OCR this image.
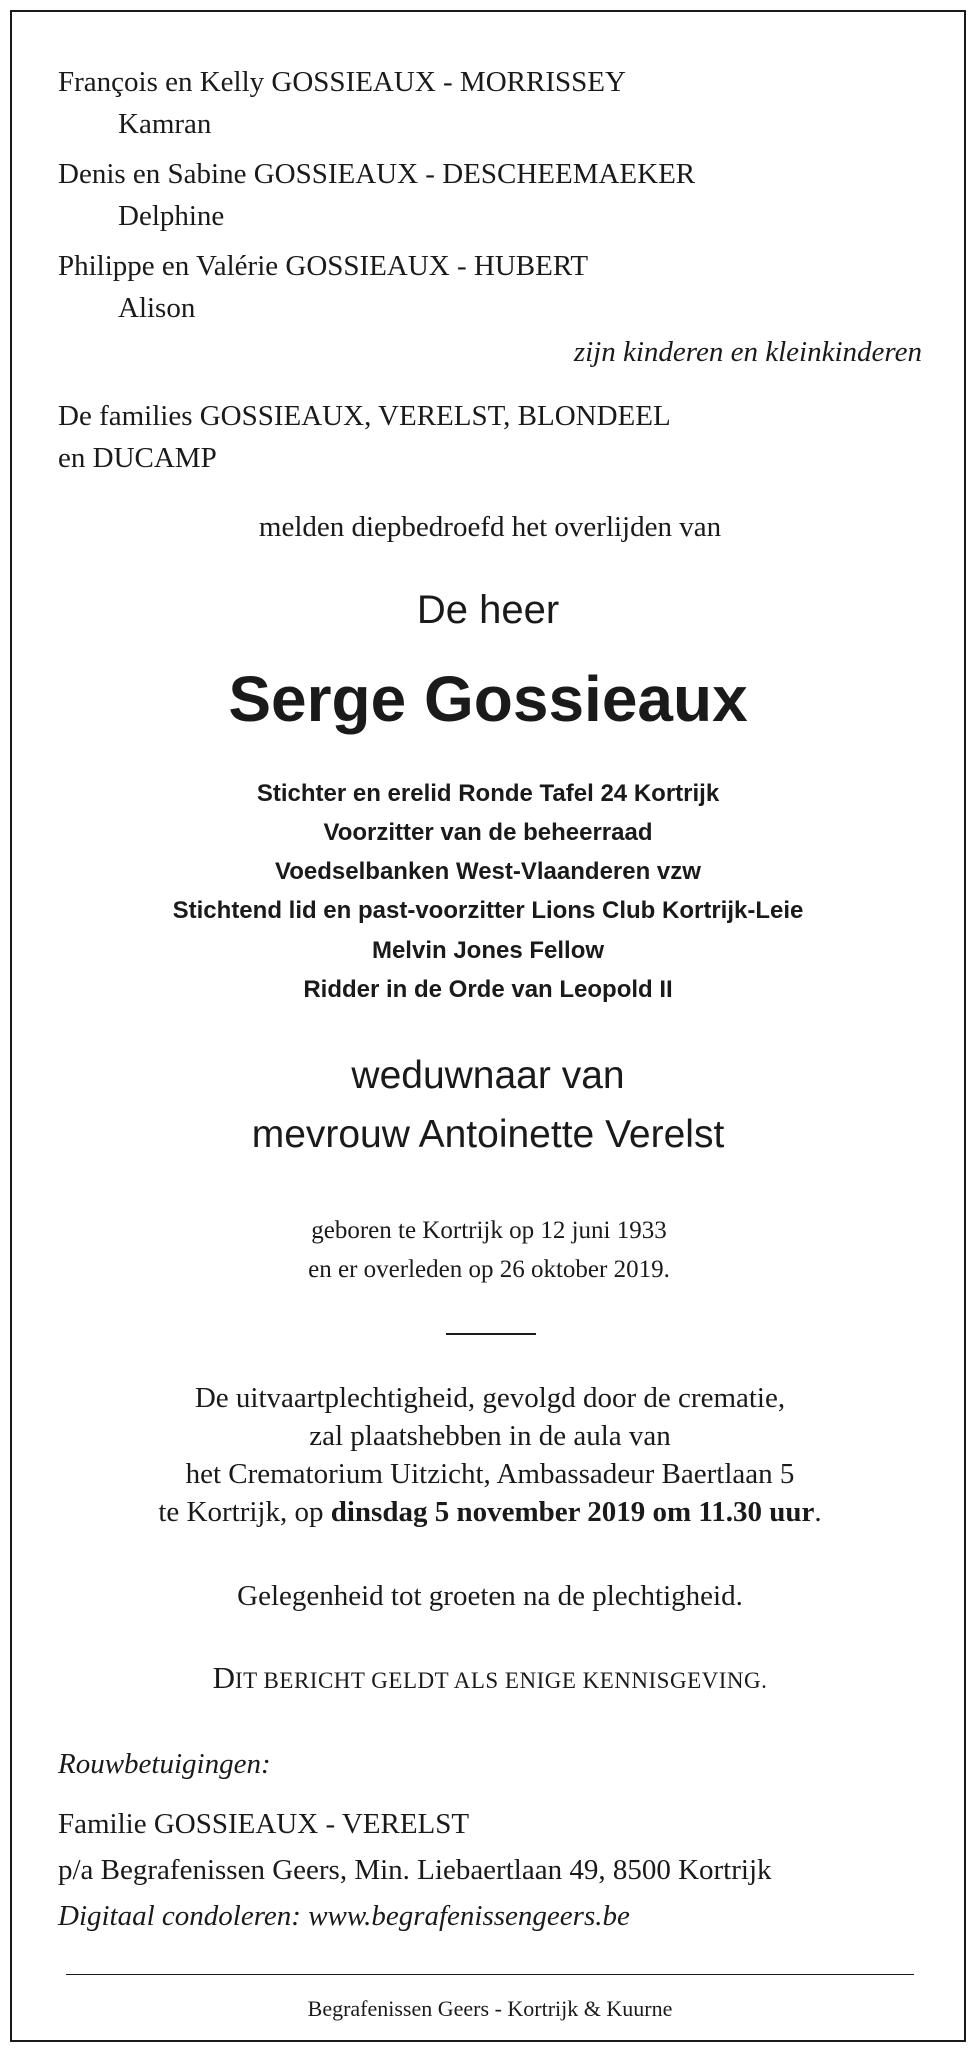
François en Kelly GOSSIEAUX - MORRISSEY
Kamran
Denis en Sabine GOSSIEAUX - DESCHEEMAEKER
Delphine
Philippe en Valérie GOSSIEAUX - HUBERT
Alison
zijn kinderen en kleinkinderen
De families GOSSIEAUX, VERELST, BLONDEEL
en DUCAMP
melden diepbedroefd het overlijden van
De heer
Serge Gossieaux
Stichter en erelid Ronde Tafel 24 Kortrijk
Voorzitter van de beheerraad
Voedselbanken West-Vlaanderen vzw
Stichtend lid en past-voorzitter Lions Club Kortrijk-Leie
Melvin Jones Fellow
Ridder in de Orde van Leopold II
weduwnaar van
mevrouw Antoinette Verelst
geboren te Kortrijk op 12 juni 1933
en er overleden op 26 oktober 2019.
De uitvaartplechtigheid, gevolgd door de crematie,
zal plaatshebben in de aula van
het Crematorium Uitzicht, Ambassadeur Baertlaan 5
te Kortrijk, op dinsdag 5 november 2019 om 11.30 uur.
Gelegenheid tot groeten na de plechtigheid.
DIT BERICHT GELDT ALS ENIGE KENNISGEVING.
Rouwbetuigingen:
Familie GOSSIEAUX - VERELST
p/a Begrafenissen Geers, Min. Liebaertlaan 49, 8500 Kortrijk
Digitaal condoleren: www.begrafenissengeers.be
Begrafenissen Geers - Kortrijk & Kuurne
